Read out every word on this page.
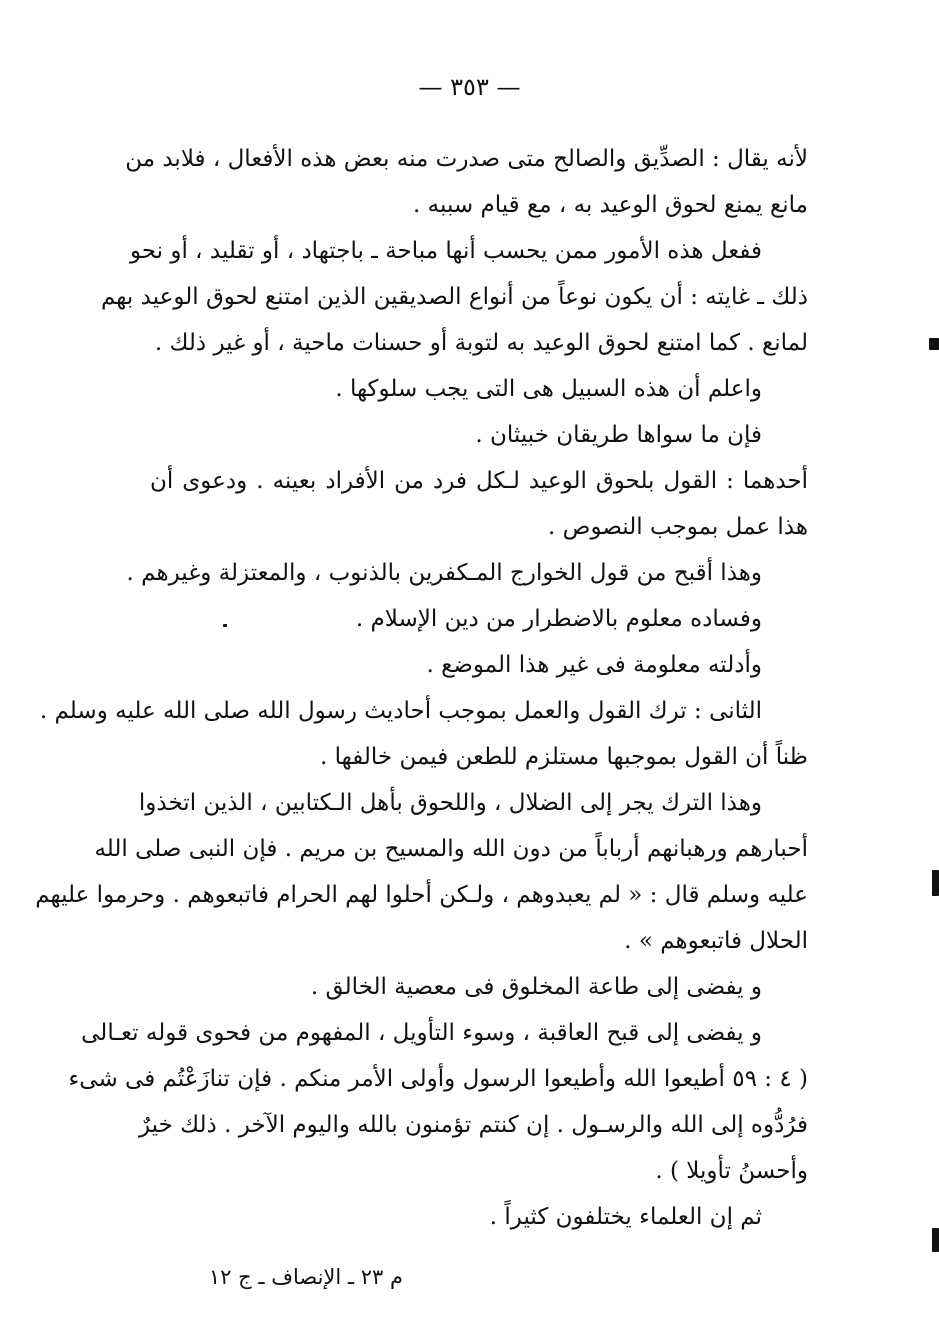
— ٣٥٣ —
لأنه يقال : الصدِّيق والصالح متى صدرت منه بعض هذه الأفعال ، فلابد من
مانع يمنع لحوق الوعيد به ، مع قيام سببه .
ففعل هذه الأمور ممن يحسب أنها مباحة ـ باجتهاد ، أو تقليد ، أو نحو
ذلك ـ غايته : أن يكون نوعاً من أنواع الصديقين الذين امتنع لحوق الوعيد بهم
لمانع . كما امتنع لحوق الوعيد به لتوبة أو حسنات ماحية ، أو غير ذلك .
واعلم أن هذه السبيل هى التى يجب سلوكها .
فإن ما سواها طريقان خبيثان .
أحدهما : القول بلحوق الوعيد لـكل فرد من الأفراد بعينه . ودعوى أن
هذا عمل بموجب النصوص .
وهذا أقبح من قول الخوارج المـكفرين بالذنوب ، والمعتزلة وغيرهم .
وفساده معلوم بالاضطرار من دين الإسلام .
وأدلته معلومة فى غير هذا الموضع .
الثانى : ترك القول والعمل بموجب أحاديث رسول الله صلى الله عليه وسلم .
ظناً أن القول بموجبها مستلزم للطعن فيمن خالفها .
وهذا الترك يجر إلى الضلال ، واللحوق بأهل الـكتابين ، الذين اتخذوا
أحبارهم ورهبانهم أرباباً من دون الله والمسيح بن مريم . فإن النبى صلى الله
عليه وسلم قال : « لم يعبدوهم ، ولـكن أحلوا لهم الحرام فاتبعوهم . وحرموا عليهم
الحلال فاتبعوهم » .
و يفضى إلى طاعة المخلوق فى معصية الخالق .
و يفضى إلى قبح العاقبة ، وسوء التأويل ، المفهوم من فحوى قوله تعـالى
( ٤ : ٥٩ أطيعوا الله وأطيعوا الرسول وأولى الأمر منكم . فإن تنازَعْتُم فى شىء
فرُدُّوه إلى الله والرسـول . إن كنتم تؤمنون بالله واليوم الآخر . ذلك خيرٌ
وأحسنُ تأويلا ) .
ثم إن العلماء يختلفون كثيراً .
م ٢٣ ـ الإنصاف ـ ج ١٢
